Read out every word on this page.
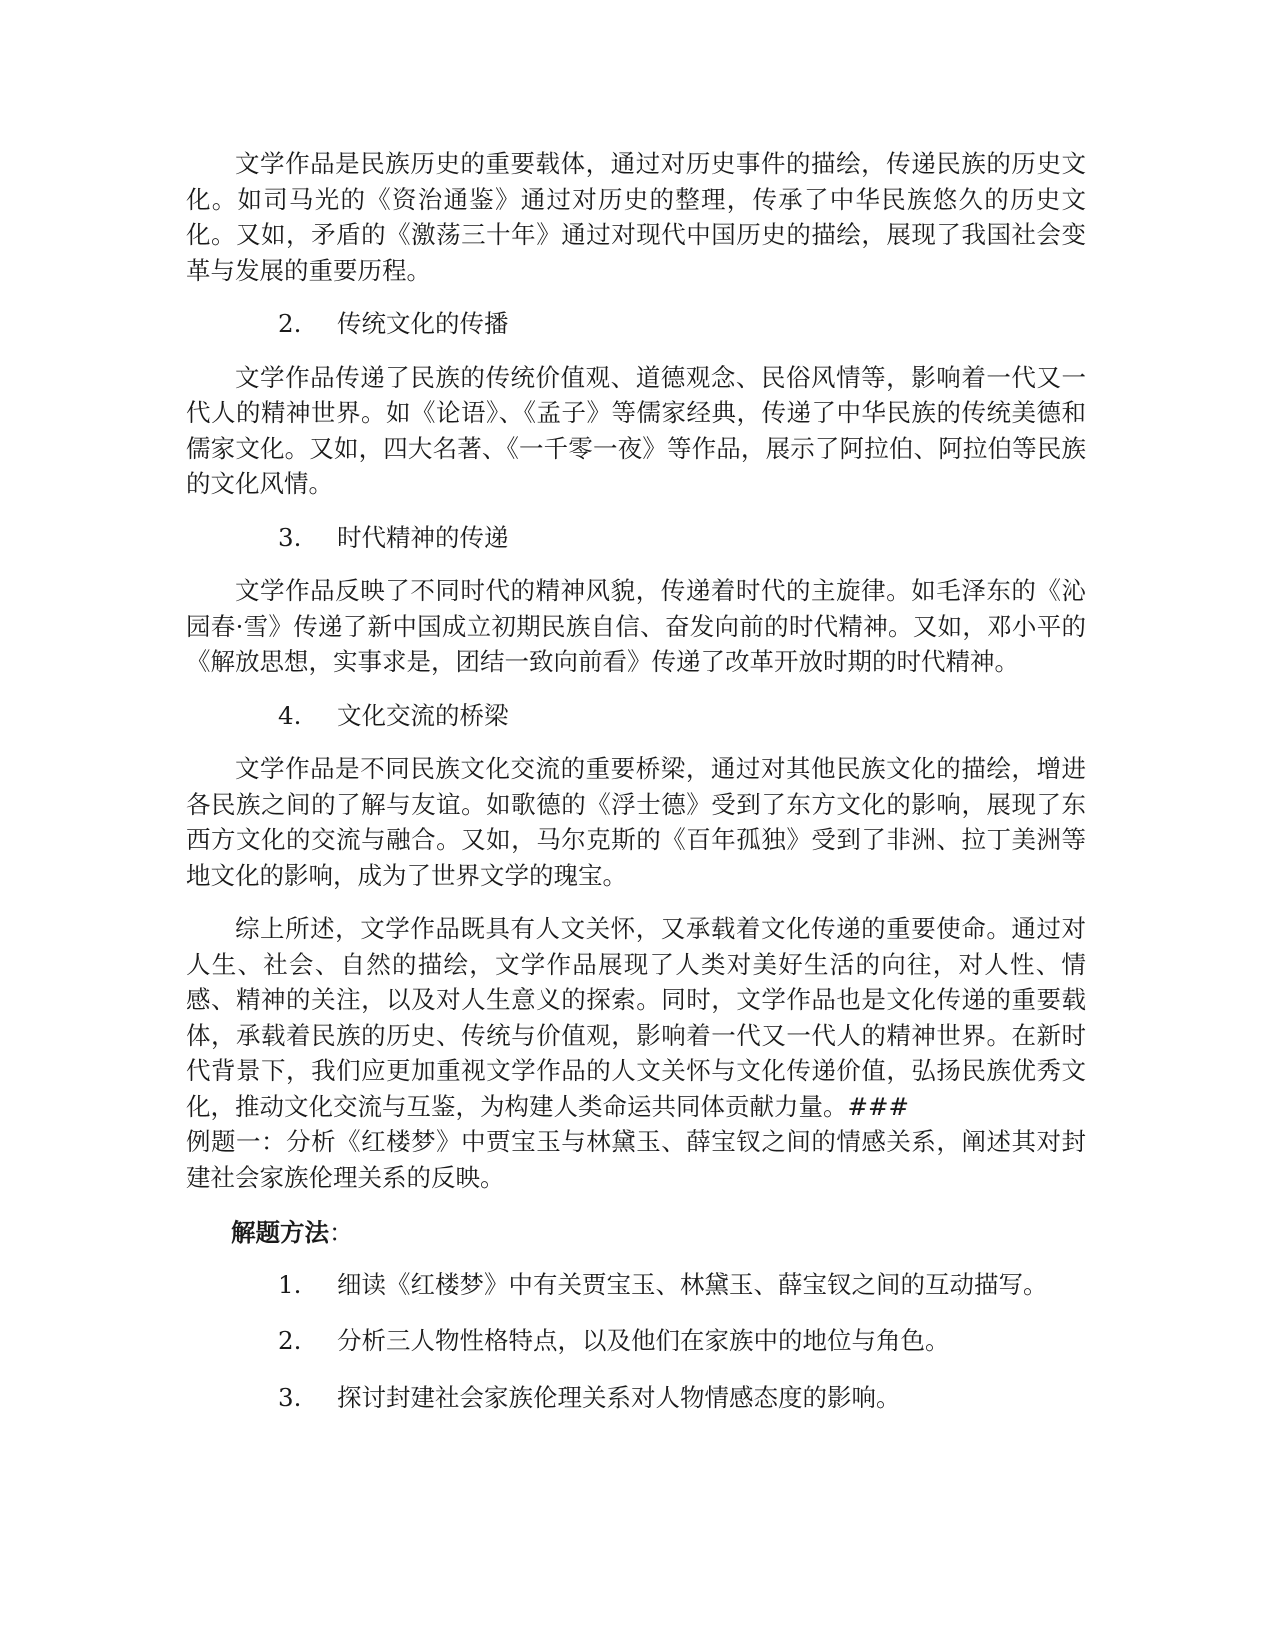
文学作品是民族历史的重要载体，通过对历史事件的描绘，传递民族的历史文化。如司马光的《资治通鉴》通过对历史的整理，传承了中华民族悠久的历史文化。又如，矛盾的《激荡三十年》通过对现代中国历史的描绘，展现了我国社会变革与发展的重要历程。

2. 传统文化的传播

文学作品传递了民族的传统价值观、道德观念、民俗风情等，影响着一代又一代人的精神世界。如《论语》、《孟子》等儒家经典，传递了中华民族的传统美德和儒家文化。又如，四大名著、《一千零一夜》等作品，展示了阿拉伯、阿拉伯等民族的文化风情。

3. 时代精神的传递

文学作品反映了不同时代的精神风貌，传递着时代的主旋律。如毛泽东的《沁园春·雪》传递了新中国成立初期民族自信、奋发向前的时代精神。又如，邓小平的《解放思想，实事求是，团结一致向前看》传递了改革开放时期的时代精神。

4. 文化交流的桥梁

文学作品是不同民族文化交流的重要桥梁，通过对其他民族文化的描绘，增进各民族之间的了解与友谊。如歌德的《浮士德》受到了东方文化的影响，展现了东西方文化的交流与融合。又如，马尔克斯的《百年孤独》受到了非洲、拉丁美洲等地文化的影响，成为了世界文学的瑰宝。

综上所述，文学作品既具有人文关怀，又承载着文化传递的重要使命。通过对人生、社会、自然的描绘，文学作品展现了人类对美好生活的向往，对人性、情感、精神的关注，以及对人生意义的探索。同时，文学作品也是文化传递的重要载体，承载着民族的历史、传统与价值观，影响着一代又一代人的精神世界。在新时代背景下，我们应更加重视文学作品的人文关怀与文化传递价值，弘扬民族优秀文化，推动文化交流与互鉴，为构建人类命运共同体贡献力量。###

例题一：分析《红楼梦》中贾宝玉与林黛玉、薛宝钗之间的情感关系，阐述其对封建社会家族伦理关系的反映。

解题方法：
1. 细读《红楼梦》中有关贾宝玉、林黛玉、薛宝钗之间的互动描写。
2. 分析三人物性格特点，以及他们在家族中的地位与角色。
3. 探讨封建社会家族伦理关系对人物情感态度的影响。
